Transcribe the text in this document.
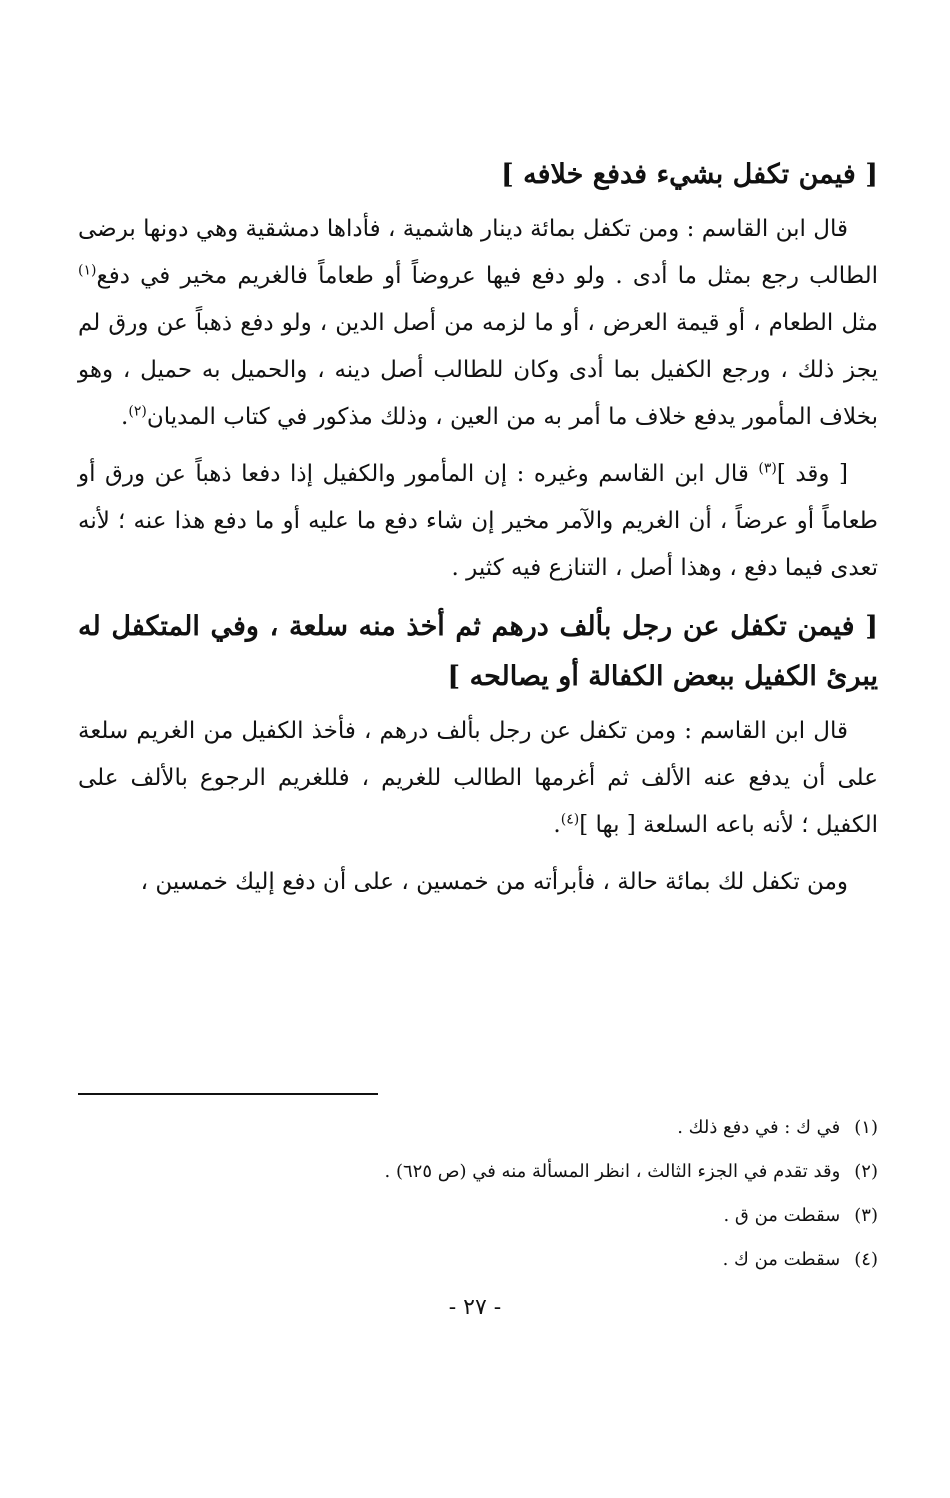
[ فيمن تكفل بشيء فدفع خلافه ]

قال ابن القاسم : ومن تكفل بمائة دينار هاشمية ، فأداها دمشقية وهي دونها برضى الطالب رجع بمثل ما أدى . ولو دفع فيها عروضاً أو طعاماً فالغريم مخير في دفع$^{(١)}$ مثل الطعام ، أو قيمة العرض ، أو ما لزمه من أصل الدين ، ولو دفع ذهباً عن ورق لم يجز ذلك ، ورجع الكفيل بما أدى وكان للطالب أصل دينه ، والحميل به حميل ، وهو بخلاف المأمور يدفع خلاف ما أمر به من العين ، وذلك مذكور في كتاب المديان$^{(٢)}$.

[ وقد ]$^{(٣)}$ قال ابن القاسم وغيره : إن المأمور والكفيل إذا دفعا ذهباً عن ورق أو طعاماً أو عرضاً ، أن الغريم والآمر مخير إن شاء دفع ما عليه أو ما دفع هذا عنه ؛ لأنه تعدى فيما دفع ، وهذا أصل ، التنازع فيه كثير .

[ فيمن تكفل عن رجل بألف درهم ثم أخذ منه سلعة ، وفي المتكفل له يبرئ الكفيل ببعض الكفالة أو يصالحه ]

قال ابن القاسم : ومن تكفل عن رجل بألف درهم ، فأخذ الكفيل من الغريم سلعة على أن يدفع عنه الألف ثم أغرمها الطالب للغريم ، فللغريم الرجوع بالألف على الكفيل ؛ لأنه باعه السلعة [ بها ]$^{(٤)}$.

ومن تكفل لك بمائة حالة ، فأبرأته من خمسين ، على أن دفع إليك خمسين ،

(١)
في ك : في دفع ذلك .
(٢)
وقد تقدم في الجزء الثالث ، انظر المسألة منه في (ص ٦٢٥) .
(٣)
سقطت من ق .
(٤)
سقطت من ك .
- ٢٧ -
